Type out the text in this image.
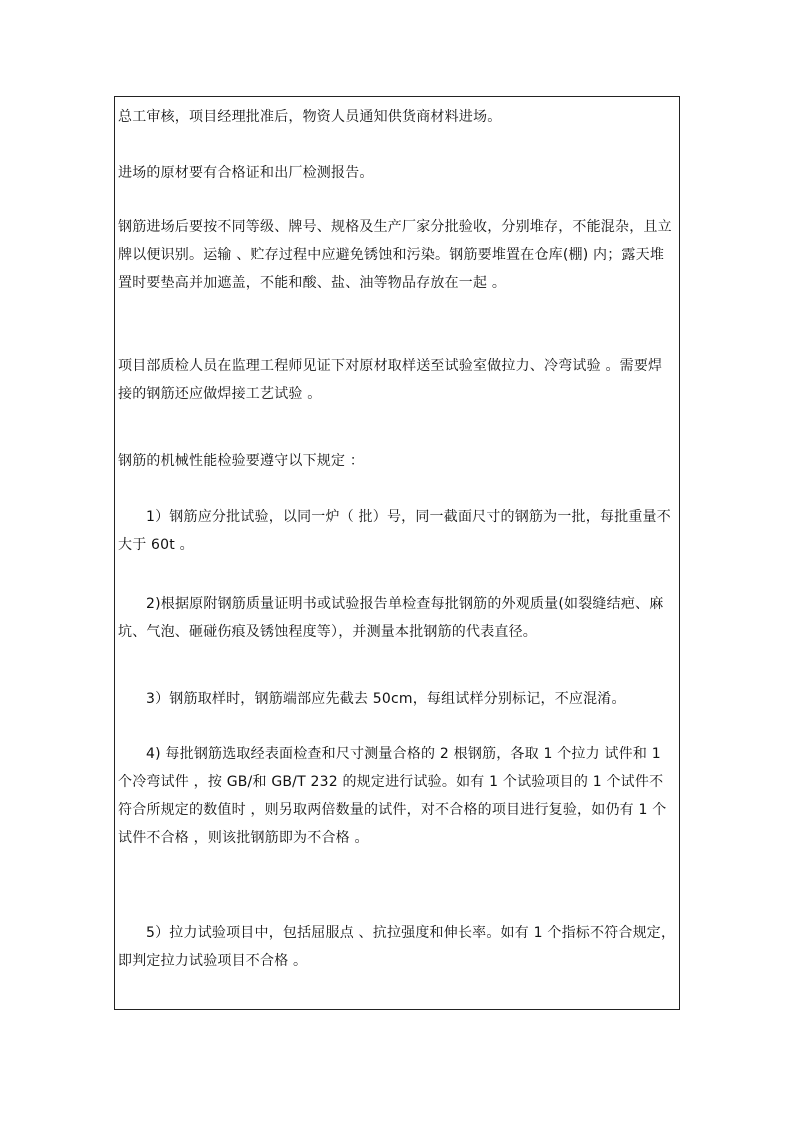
总工审核，项目经理批准后，物资人员通知供货商材料进场。

进场的原材要有合格证和出厂检测报告。

钢筋进场后要按不同等级、牌号、规格及生产厂家分批验收，分别堆存，不能混杂，且立牌以便识别。运输 、贮存过程中应避免锈蚀和污染。钢筋要堆置在仓库(棚) 内；露天堆置时要垫高并加遮盖，不能和酸、盐、油等物品存放在一起 。

项目部质检人员在监理工程师见证下对原材取样送至试验室做拉力、冷弯试验 。需要焊接的钢筋还应做焊接工艺试验 。

钢筋的机械性能检验要遵守以下规定 ：

1）钢筋应分批试验，以同一炉（ 批）号，同一截面尺寸的钢筋为一批，每批重量不大于 60t 。

2)根据原附钢筋质量证明书或试验报告单检查每批钢筋的外观质量(如裂缝结疤、麻坑、气泡、砸碰伤痕及锈蚀程度等），并测量本批钢筋的代表直径。

3）钢筋取样时，钢筋端部应先截去 50cm，每组试样分别标记，不应混淆。

4) 每批钢筋选取经表面检查和尺寸测量合格的 2 根钢筋，各取 1 个拉力 试件和 1 个冷弯试件 ，按 GB/和 GB/T 232 的规定进行试验。如有 1 个试验项目的 1 个试件不符合所规定的数值时 ，则另取两倍数量的试件，对不合格的项目进行复验，如仍有 1 个试件不合格 ，则该批钢筋即为不合格 。

5）拉力试验项目中，包括屈服点 、抗拉强度和伸长率。如有 1 个指标不符合规定，即判定拉力试验项目不合格 。
